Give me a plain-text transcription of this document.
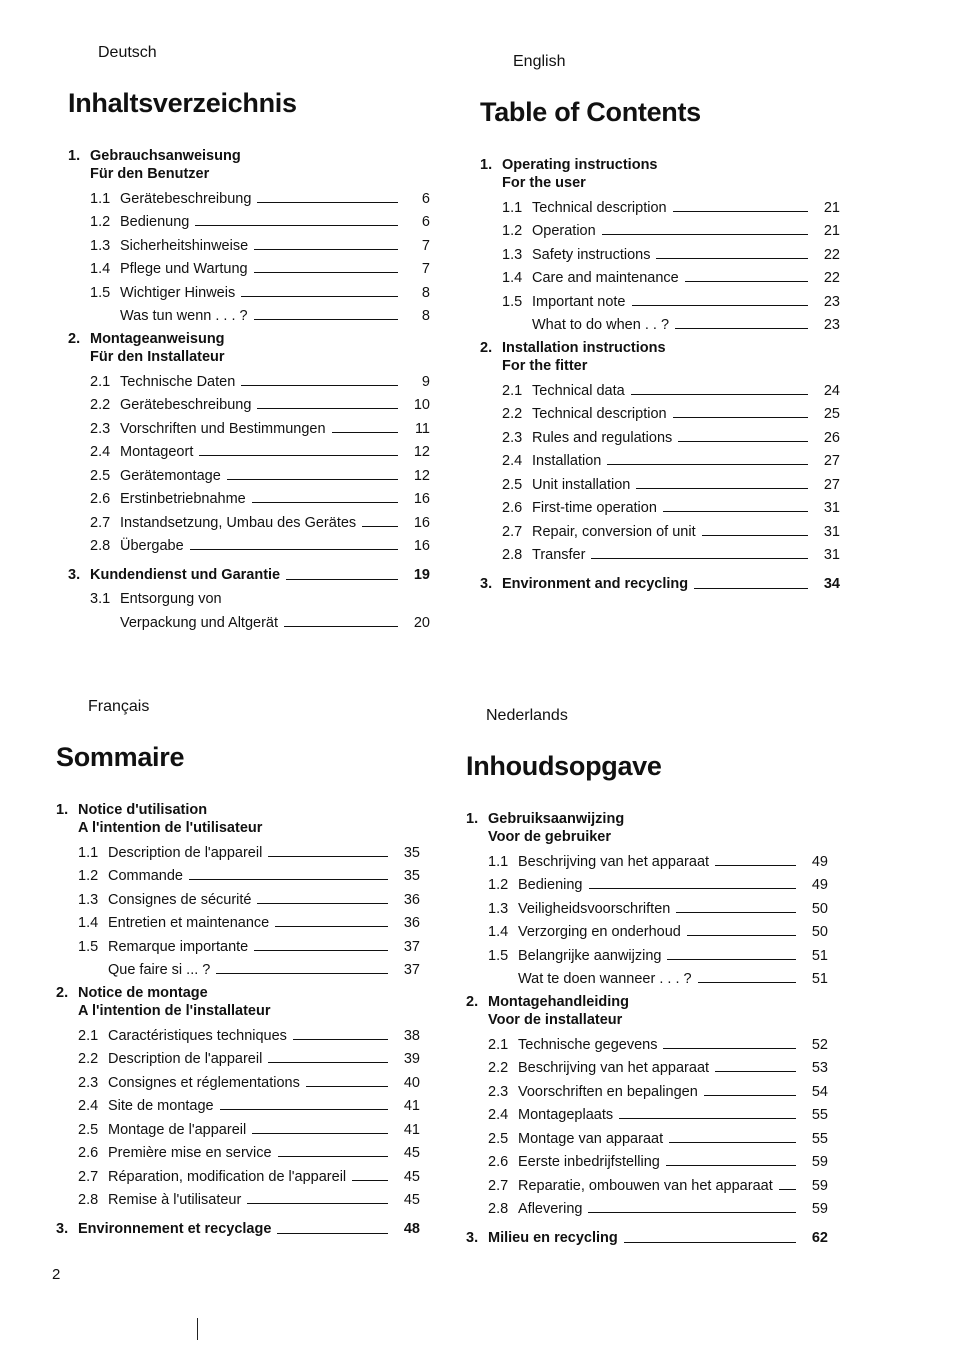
Deutsch
Inhaltsverzeichnis
1. Gebrauchsanweisung
Für den Benutzer
1.1 Gerätebeschreibung	6
1.2 Bedienung	6
1.3 Sicherheitshinweise	7
1.4 Pflege und Wartung	7
1.5 Wichtiger Hinweis	8
Was tun wenn . . . ?	8
2. Montageanweisung
Für den Installateur
2.1 Technische Daten	9
2.2 Gerätebeschreibung	10
2.3 Vorschriften und Bestimmungen	11
2.4 Montageort	12
2.5 Gerätemontage	12
2.6 Erstinbetriebnahme	16
2.7 Instandsetzung, Umbau des Gerätes	16
2.8 Übergabe	16
3. Kundendienst und Garantie	19
3.1 Entsorgung von
Verpackung und Altgerät	20
English
Table of Contents
1. Operating instructions
For the user
1.1 Technical description	21
1.2 Operation	21
1.3 Safety instructions	22
1.4 Care and maintenance	22
1.5 Important note	23
What to do when . . ?	23
2. Installation instructions
For the fitter
2.1 Technical data	24
2.2 Technical description	25
2.3 Rules and regulations	26
2.4 Installation	27
2.5 Unit installation	27
2.6 First-time operation	31
2.7 Repair, conversion of unit	31
2.8 Transfer	31
3. Environment and recycling	34
Français
Sommaire
1. Notice d'utilisation
A l'intention de l'utilisateur
1.1 Description de l'appareil	35
1.2 Commande	35
1.3 Consignes de sécurité	36
1.4 Entretien et maintenance	36
1.5 Remarque importante	37
Que faire si ... ?	37
2. Notice de montage
A l'intention de l'installateur
2.1 Caractéristiques techniques	38
2.2 Description de l'appareil	39
2.3 Consignes et réglementations	40
2.4 Site de montage	41
2.5 Montage de l'appareil	41
2.6 Première mise en service	45
2.7 Réparation, modification de l'appareil	45
2.8 Remise à l'utilisateur	45
3. Environnement et recyclage	48
Nederlands
Inhoudsopgave
1. Gebruiksaanwijzing
Voor de gebruiker
1.1 Beschrijving van het apparaat	49
1.2 Bediening	49
1.3 Veiligheidsvoorschriften	50
1.4 Verzorging en onderhoud	50
1.5 Belangrijke aanwijzing	51
Wat te doen wanneer . . . ?	51
2. Montagehandleiding
Voor de installateur
2.1 Technische gegevens	52
2.2 Beschrijving van het apparaat	53
2.3 Voorschriften en bepalingen	54
2.4 Montageplaats	55
2.5 Montage van apparaat	55
2.6 Eerste inbedrijfstelling	59
2.7 Reparatie, ombouwen van het apparaat	59
2.8 Aflevering	59
3. Milieu en recycling	62
2
